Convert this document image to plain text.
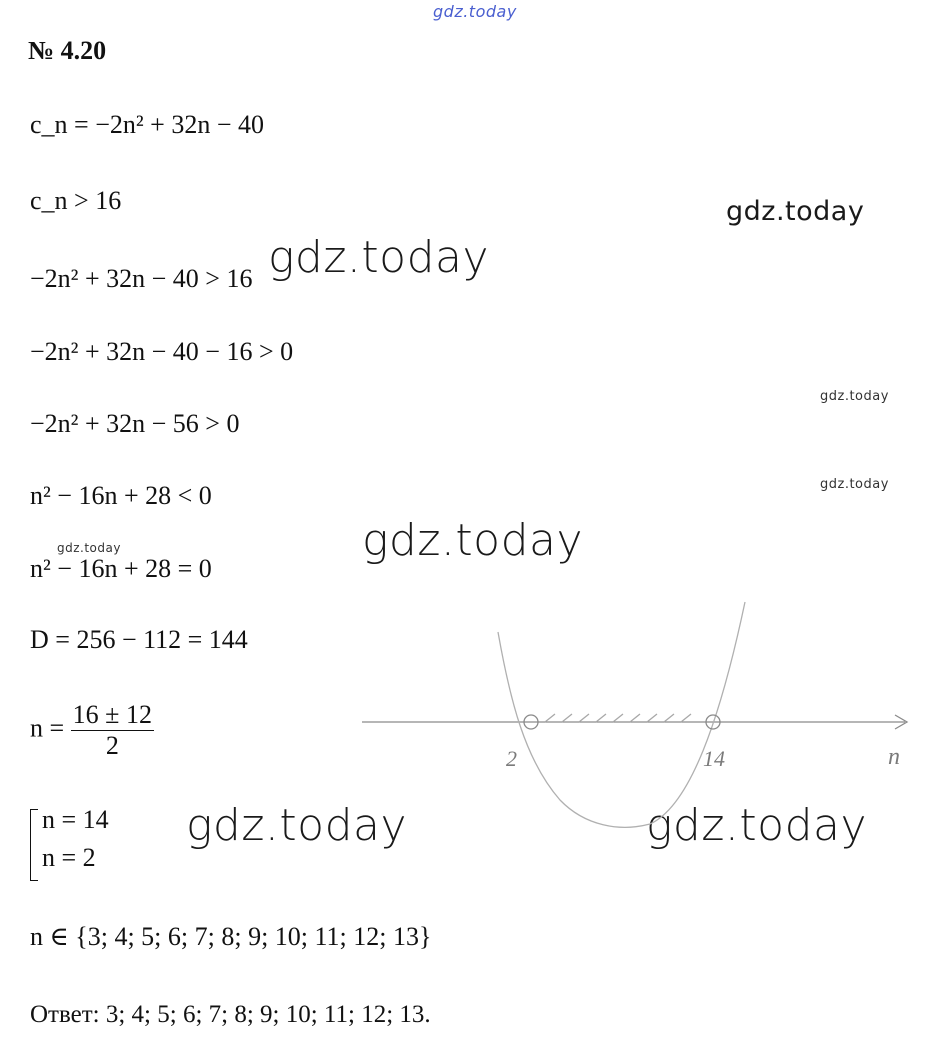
gdz.today
gdz.today
gdz.today
gdz.today
gdz.today
gdz.today
gdz.today
gdz.today	gdz.today
№ 4.20
c_n = −2n² + 32n − 40
c_n > 16
−2n² + 32n − 40 > 16
−2n² + 32n − 40 − 16 > 0
−2n² + 32n − 56 > 0
n² − 16n + 28 < 0
n² − 16n + 28 = 0
D = 256 − 112 = 144
$n = \frac{16 \pm 12}{2}$
n = 14
n = 2
n ∈ {3; 4; 5; 6; 7; 8; 9; 10; 11; 12; 13}
Ответ: 3; 4; 5; 6; 7; 8; 9; 10; 11; 12; 13.
2	14	n
